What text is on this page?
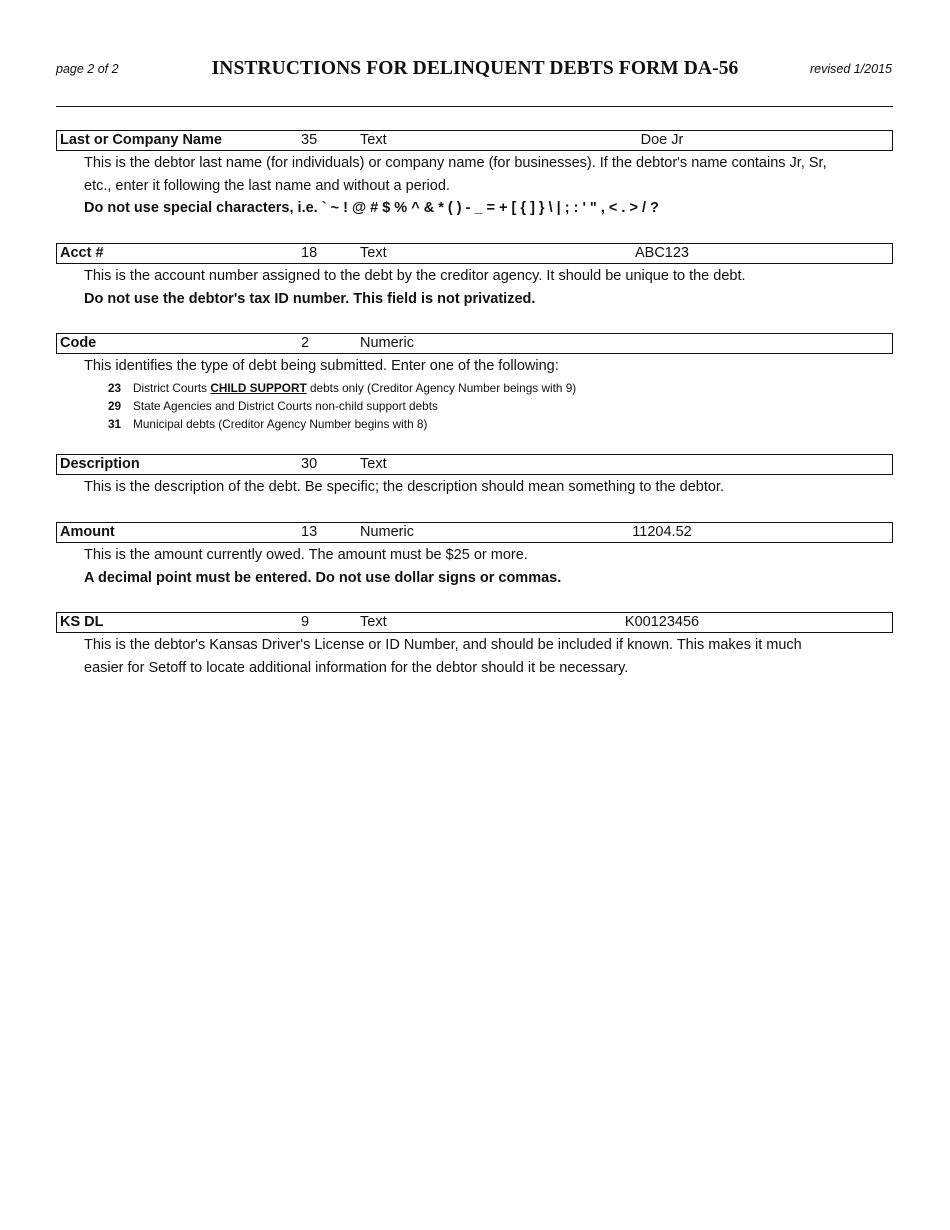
page 2 of 2	INSTRUCTIONS FOR DELINQUENT DEBTS FORM DA-56	revised 1/2015
Last or Company Name	35	Text	Doe Jr

This is the debtor last name (for individuals) or company name (for businesses). If the debtor's name contains Jr, Sr,

etc., enter it following the last name and without a period.

Do not use special characters, i.e. ` ~ ! @ # $ % ^ & * ( ) - _ = + [ { ] } \ | ; : ' " , < . > / ?

Acct #	18	Text	ABC123

This is the account number assigned to the debt by the creditor agency. It should be unique to the debt.

Do not use the debtor's tax ID number. This field is not privatized.

Code	2	Numeric

This identifies the type of debt being submitted. Enter one of the following:

23 District Courts CHILD SUPPORT debts only (Creditor Agency Number beings with 9)
29 State Agencies and District Courts non-child support debts
31 Municipal debts (Creditor Agency Number begins with 8)
Description	30	Text

This is the description of the debt. Be specific; the description should mean something to the debtor.

Amount	13	Numeric	11204.52

This is the amount currently owed. The amount must be $25 or more.

A decimal point must be entered. Do not use dollar signs or commas.

KS DL	9	Text	K00123456

This is the debtor's Kansas Driver's License or ID Number, and should be included if known. This makes it much

easier for Setoff to locate additional information for the debtor should it be necessary.
